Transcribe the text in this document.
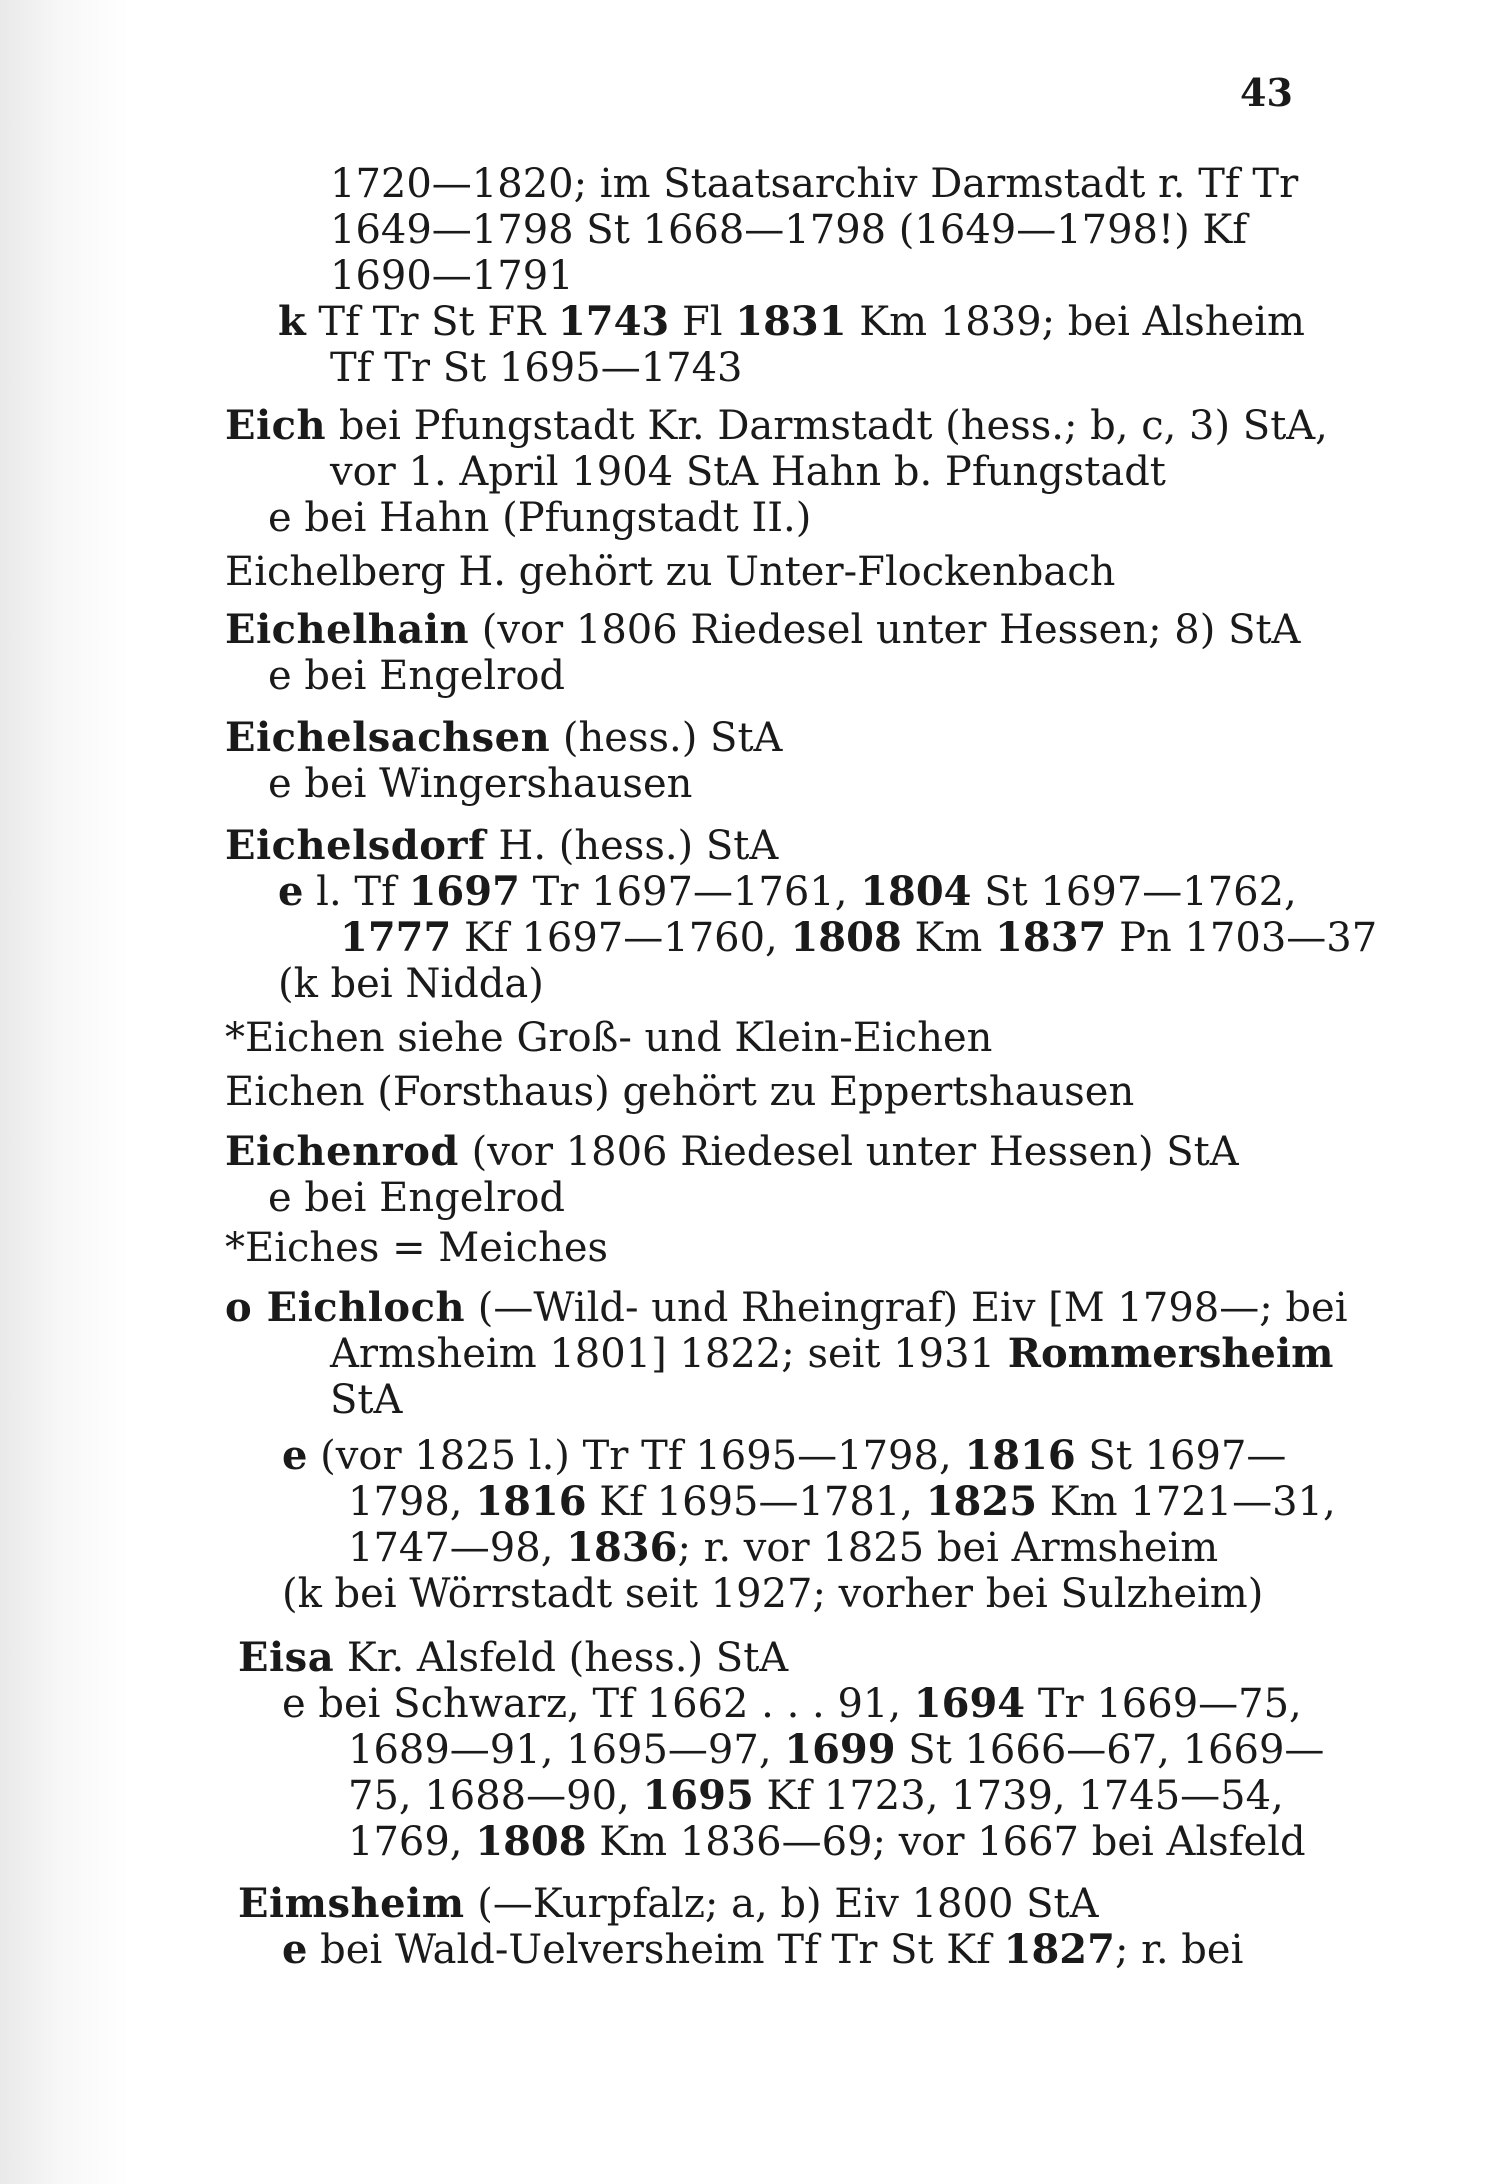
43
1720—1820; im Staatsarchiv Darmstadt r. Tf Tr
1649—1798 St 1668—1798 (1649—1798!) Kf
1690—1791
k Tf Tr St FR 1743 Fl 1831 Km 1839; bei Alsheim
Tf Tr St 1695—1743
Eich bei Pfungstadt Kr. Darmstadt (hess.; b, c, 3) StA,
vor 1. April 1904 StA Hahn b. Pfungstadt
e bei Hahn (Pfungstadt II.)
Eichelberg H. gehört zu Unter-Flockenbach
Eichelhain (vor 1806 Riedesel unter Hessen; 8) StA
e bei Engelrod
Eichelsachsen (hess.) StA
e bei Wingershausen
Eichelsdorf H. (hess.) StA
e l. Tf 1697 Tr 1697—1761, 1804 St 1697—1762,
1777 Kf 1697—1760, 1808 Km 1837 Pn 1703—37
(k bei Nidda)
*Eichen siehe Groß- und Klein-Eichen
Eichen (Forsthaus) gehört zu Eppertshausen
Eichenrod (vor 1806 Riedesel unter Hessen) StA
e bei Engelrod
*Eiches = Meiches
o Eichloch (—Wild- und Rheingraf) Eiv [M 1798—; bei
Armsheim 1801] 1822; seit 1931 Rommersheim
StA
e (vor 1825 l.) Tr Tf 1695—1798, 1816 St 1697—
1798, 1816 Kf 1695—1781, 1825 Km 1721—31,
1747—98, 1836; r. vor 1825 bei Armsheim
(k bei Wörrstadt seit 1927; vorher bei Sulzheim)
Eisa Kr. Alsfeld (hess.) StA
e bei Schwarz, Tf 1662 . . . 91, 1694 Tr 1669—75,
1689—91, 1695—97, 1699 St 1666—67, 1669—
75, 1688—90, 1695 Kf 1723, 1739, 1745—54,
1769, 1808 Km 1836—69; vor 1667 bei Alsfeld
Eimsheim (—Kurpfalz; a, b) Eiv 1800 StA
e bei Wald-Uelversheim Tf Tr St Kf 1827; r. bei
